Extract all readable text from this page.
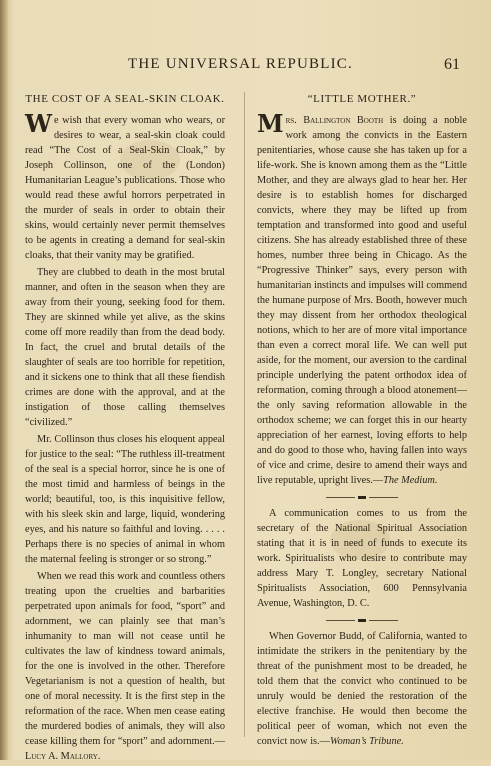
THE UNIVERSAL REPUBLIC.	61
THE COST OF A SEAL-SKIN CLOAK.

We wish that every woman who wears, or desires to wear, a seal-skin cloak could read “The Cost of a Seal-Skin Cloak,” by Joseph Collinson, one of the (London) Humanitarian League’s publications. Those who would read these awful horrors perpetrated in the murder of seals in order to obtain their skins, would certainly never permit themselves to be agents in creating a demand for seal-skin cloaks, that their vanity may be gratified.

They are clubbed to death in the most brutal manner, and often in the season when they are away from their young, seeking food for them. They are skinned while yet alive, as the skins come off more readily than from the dead body. In fact, the cruel and brutal details of the slaughter of seals are too horrible for repetition, and it sickens one to think that all these fiendish crimes are done with the approval, and at the instigation of those calling themselves “civilized.”

Mr. Collinson thus closes his eloquent appeal for justice to the seal: “The ruthless ill-treatment of the seal is a special horror, since he is one of the most timid and harmless of beings in the world; beautiful, too, is this inquisitive fellow, with his sleek skin and large, liquid, wondering eyes, and his nature so faithful and loving. . . . . Perhaps there is no species of animal in whom the maternal feeling is stronger or so strong.”

When we read this work and countless others treating upon the cruelties and barbarities perpetrated upon animals for food, “sport” and adornment, we can plainly see that man’s inhumanity to man will not cease until he cultivates the law of kindness toward animals, for the one is involved in the other. Therefore Vegetarianism is not a question of health, but one of moral necessity. It is the first step in the reformation of the race. When men cease eating the murdered bodies of animals, they will also cease killing them for “sport” and adornment.—Lucy A. Mallory.

“LITTLE MOTHER.”

Mrs. Ballington Booth is doing a noble work among the convicts in the Eastern penitentiaries, whose cause she has taken up for a life-work. She is known among them as the “Little Mother, and they are always glad to hear her. Her desire is to establish homes for discharged convicts, where they may be lifted up from temptation and transformed into good and useful citizens. She has already established three of these homes, number three being in Chicago. As the “Progressive Thinker” says, every person with humanitarian instincts and impulses will commend the humane purpose of Mrs. Booth, however much they may dissent from her orthodox theological notions, which to her are of more vital importance than even a correct moral life. We can well put aside, for the moment, our aversion to the cardinal principle underlying the patent orthodox idea of reformation, coming through a blood atonement—the only saving reformation allowable in the orthodox scheme; we can forget this in our hearty appreciation of her earnest, loving efforts to help and do good to those who, having fallen into ways of vice and crime, desire to amend their ways and live reputable, upright lives.—The Medium.

A communication comes to us from the secretary of the National Spiritual Association stating that it is in need of funds to execute its work. Spiritualists who desire to contribute may address Mary T. Longley, secretary National Spiritualists Association, 600 Pennsylvania Avenue, Washington, D. C.

When Governor Budd, of California, wanted to intimidate the strikers in the penitentiary by the threat of the punishment most to be dreaded, he told them that the convict who continued to be unruly would be denied the restoration of the elective franchise. He would then become the political peer of woman, which not even the convict now is.—Woman’s Tribune.
